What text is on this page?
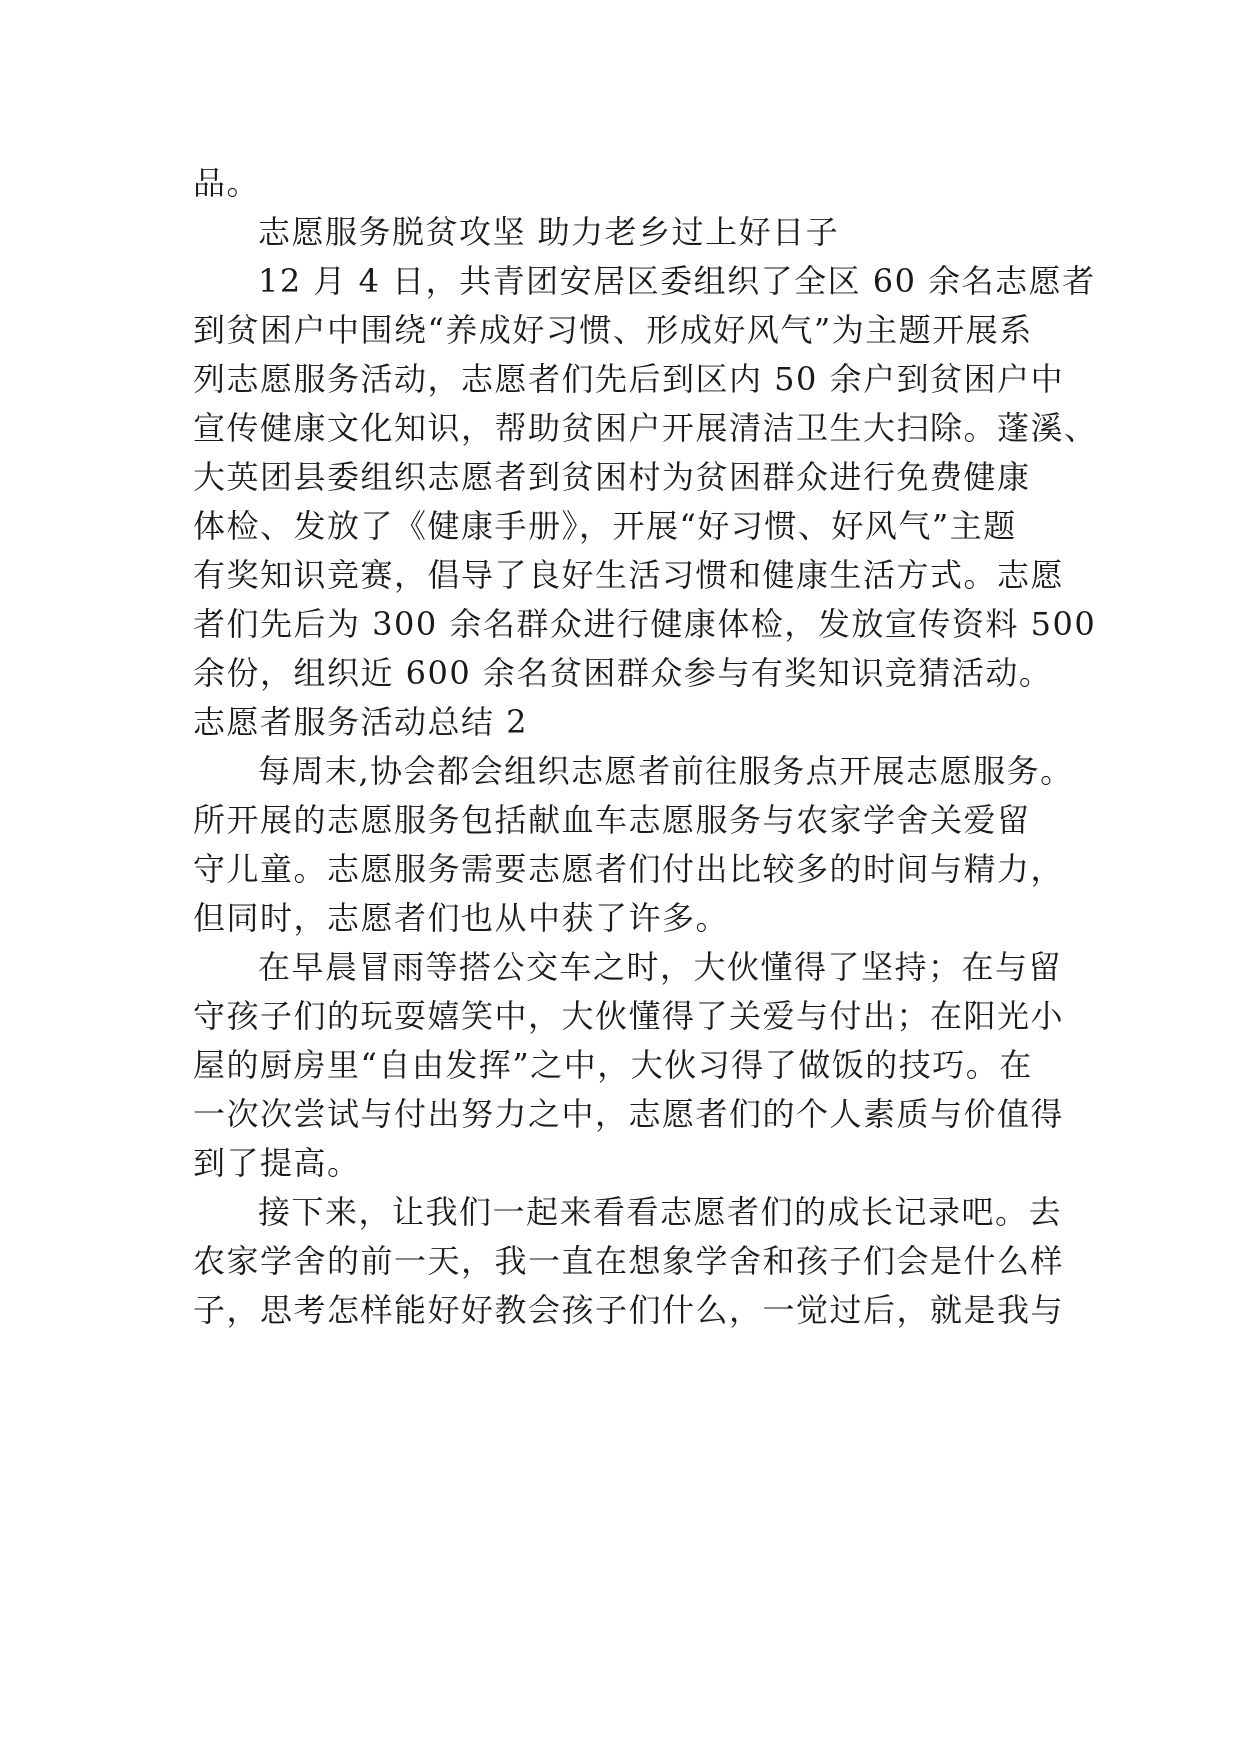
品。
志愿服务脱贫攻坚 助力老乡过上好日子
12 月 4 日，共青团安居区委组织了全区 60 余名志愿者
到贫困户中围绕“养成好习惯、形成好风气”为主题开展系
列志愿服务活动，志愿者们先后到区内 50 余户到贫困户中
宣传健康文化知识，帮助贫困户开展清洁卫生大扫除。蓬溪、
大英团县委组织志愿者到贫困村为贫困群众进行免费健康
体检、发放了《健康手册》，开展“好习惯、好风气”主题
有奖知识竞赛，倡导了良好生活习惯和健康生活方式。志愿
者们先后为 300 余名群众进行健康体检，发放宣传资料 500
余份，组织近 600 余名贫困群众参与有奖知识竞猜活动。
志愿者服务活动总结 2
每周末,协会都会组织志愿者前往服务点开展志愿服务。
所开展的志愿服务包括献血车志愿服务与农家学舍关爱留
守儿童。志愿服务需要志愿者们付出比较多的时间与精力，
但同时，志愿者们也从中获了许多。
在早晨冒雨等搭公交车之时，大伙懂得了坚持；在与留
守孩子们的玩耍嬉笑中，大伙懂得了关爱与付出；在阳光小
屋的厨房里“自由发挥”之中，大伙习得了做饭的技巧。在
一次次尝试与付出努力之中，志愿者们的个人素质与价值得
到了提高。
接下来，让我们一起来看看志愿者们的成长记录吧。去
农家学舍的前一天，我一直在想象学舍和孩子们会是什么样
子，思考怎样能好好教会孩子们什么，一觉过后，就是我与
